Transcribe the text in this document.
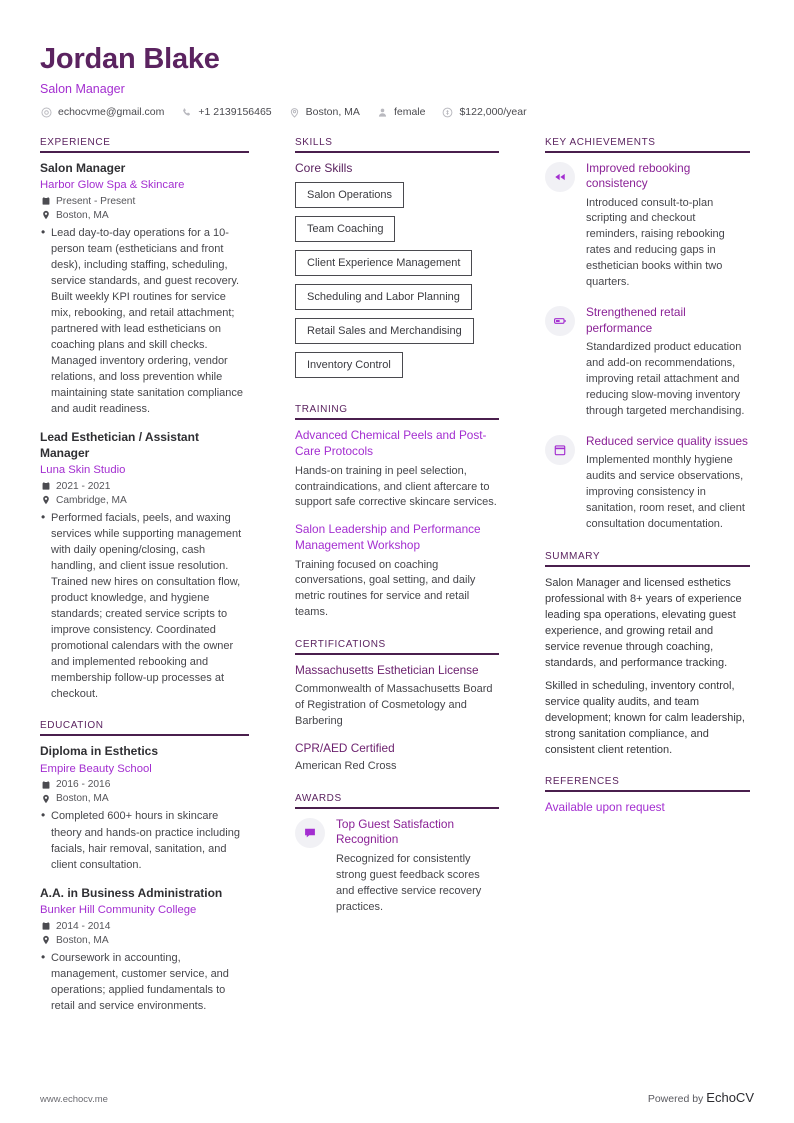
Jordan Blake
Salon Manager
echocvme@gmail.com	+1 2139156465	Boston, MA	female	$122,000/year
EXPERIENCE
Salon Manager
Harbor Glow Spa & Skincare
Present - Present
Boston, MA
• Lead day-to-day operations for a 10-person team (estheticians and front desk), including staffing, scheduling, service standards, and guest recovery. Built weekly KPI routines for service mix, rebooking, and retail attachment; partnered with lead estheticians on coaching plans and skill checks. Managed inventory ordering, vendor relations, and loss prevention while maintaining state sanitation compliance and audit readiness.
Lead Esthetician / Assistant Manager
Luna Skin Studio
2021 - 2021
Cambridge, MA
• Performed facials, peels, and waxing services while supporting management with daily opening/closing, cash handling, and client issue resolution. Trained new hires on consultation flow, product knowledge, and hygiene standards; created service scripts to improve consistency. Coordinated promotional calendars with the owner and implemented rebooking and membership follow-up processes at checkout.
EDUCATION
Diploma in Esthetics
Empire Beauty School
2016 - 2016
Boston, MA
• Completed 600+ hours in skincare theory and hands-on practice including facials, hair removal, sanitation, and client consultation.
A.A. in Business Administration
Bunker Hill Community College
2014 - 2014
Boston, MA
• Coursework in accounting, management, customer service, and operations; applied fundamentals to retail and service environments.
SKILLS
Core Skills
Salon Operations
Team Coaching
Client Experience Management
Scheduling and Labor Planning
Retail Sales and Merchandising
Inventory Control
TRAINING
Advanced Chemical Peels and Post-Care Protocols
Hands-on training in peel selection, contraindications, and client aftercare to support safe corrective skincare services.
Salon Leadership and Performance Management Workshop
Training focused on coaching conversations, goal setting, and daily metric routines for service and retail teams.
CERTIFICATIONS
Massachusetts Esthetician License
Commonwealth of Massachusetts Board of Registration of Cosmetology and Barbering
CPR/AED Certified
American Red Cross
AWARDS
Top Guest Satisfaction Recognition
Recognized for consistently strong guest feedback scores and effective service recovery practices.
KEY ACHIEVEMENTS
Improved rebooking consistency
Introduced consult-to-plan scripting and checkout reminders, raising rebooking rates and reducing gaps in esthetician books within two quarters.
Strengthened retail performance
Standardized product education and add-on recommendations, improving retail attachment and reducing slow-moving inventory through targeted merchandising.
Reduced service quality issues
Implemented monthly hygiene audits and service observations, improving consistency in sanitation, room reset, and client consultation documentation.
SUMMARY

Salon Manager and licensed esthetics professional with 8+ years of experience leading spa operations, elevating guest experience, and growing retail and service revenue through coaching, standards, and performance tracking.

Skilled in scheduling, inventory control, service quality audits, and team development; known for calm leadership, strong sanitation compliance, and consistent client retention.

REFERENCES
Available upon request
www.echocv.me	Powered by EchoCV
